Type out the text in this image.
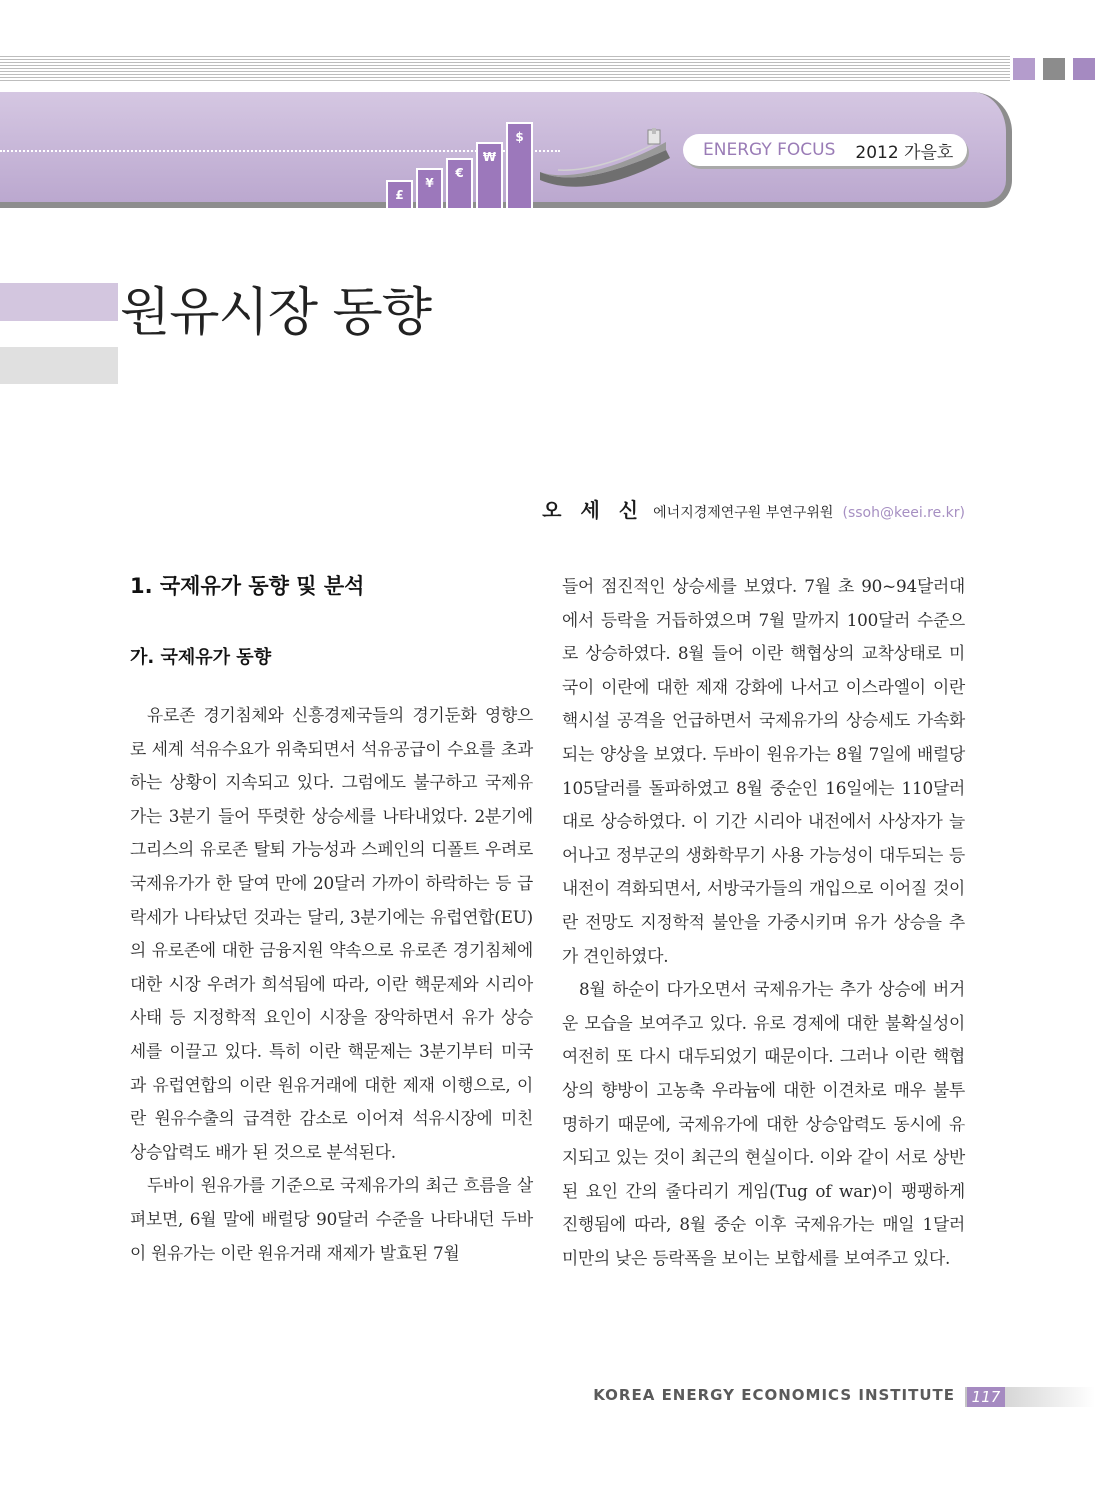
£
¥
€
₩
$
ENERGY FOCUS 2012 가을호
원유시장 동향
오 세 신 에너지경제연구원 부연구위원 (ssoh@keei.re.kr)
1. 국제유가 동향 및 분석
가. 국제유가 동향

유로존 경기침체와 신흥경제국들의 경기둔화 영향으로 세계 석유수요가 위축되면서 석유공급이 수요를 초과하는 상황이 지속되고 있다. 그럼에도 불구하고 국제유가는 3분기 들어 뚜렷한 상승세를 나타내었다. 2분기에 그리스의 유로존 탈퇴 가능성과 스페인의 디폴트 우려로 국제유가가 한 달여 만에 20달러 가까이 하락하는 등 급락세가 나타났던 것과는 달리, 3분기에는 유럽연합(EU)의 유로존에 대한 금융지원 약속으로 유로존 경기침체에 대한 시장 우려가 희석됨에 따라, 이란 핵문제와 시리아 사태 등 지정학적 요인이 시장을 장악하면서 유가 상승세를 이끌고 있다. 특히 이란 핵문제는 3분기부터 미국과 유럽연합의 이란 원유거래에 대한 제재 이행으로, 이란 원유수출의 급격한 감소로 이어져 석유시장에 미친 상승압력도 배가 된 것으로 분석된다.

두바이 원유가를 기준으로 국제유가의 최근 흐름을 살펴보면, 6월 말에 배럴당 90달러 수준을 나타내던 두바이 원유가는 이란 원유거래 재제가 발효된 7월

들어 점진적인 상승세를 보였다. 7월 초 90~94달러대에서 등락을 거듭하였으며 7월 말까지 100달러 수준으로 상승하였다. 8월 들어 이란 핵협상의 교착상태로 미국이 이란에 대한 제재 강화에 나서고 이스라엘이 이란 핵시설 공격을 언급하면서 국제유가의 상승세도 가속화되는 양상을 보였다. 두바이 원유가는 8월 7일에 배럴당 105달러를 돌파하였고 8월 중순인 16일에는 110달러대로 상승하였다. 이 기간 시리아 내전에서 사상자가 늘어나고 정부군의 생화학무기 사용 가능성이 대두되는 등 내전이 격화되면서, 서방국가들의 개입으로 이어질 것이란 전망도 지정학적 불안을 가중시키며 유가 상승을 추가 견인하였다.

8월 하순이 다가오면서 국제유가는 추가 상승에 버거운 모습을 보여주고 있다. 유로 경제에 대한 불확실성이 여전히 또 다시 대두되었기 때문이다. 그러나 이란 핵협상의 향방이 고농축 우라늄에 대한 이견차로 매우 불투명하기 때문에, 국제유가에 대한 상승압력도 동시에 유지되고 있는 것이 최근의 현실이다. 이와 같이 서로 상반된 요인 간의 줄다리기 게임(Tug of war)이 팽팽하게 진행됨에 따라, 8월 중순 이후 국제유가는 매일 1달러 미만의 낮은 등락폭을 보이는 보합세를 보여주고 있다.

KOREA ENERGY ECONOMICS INSTITUTE	117
